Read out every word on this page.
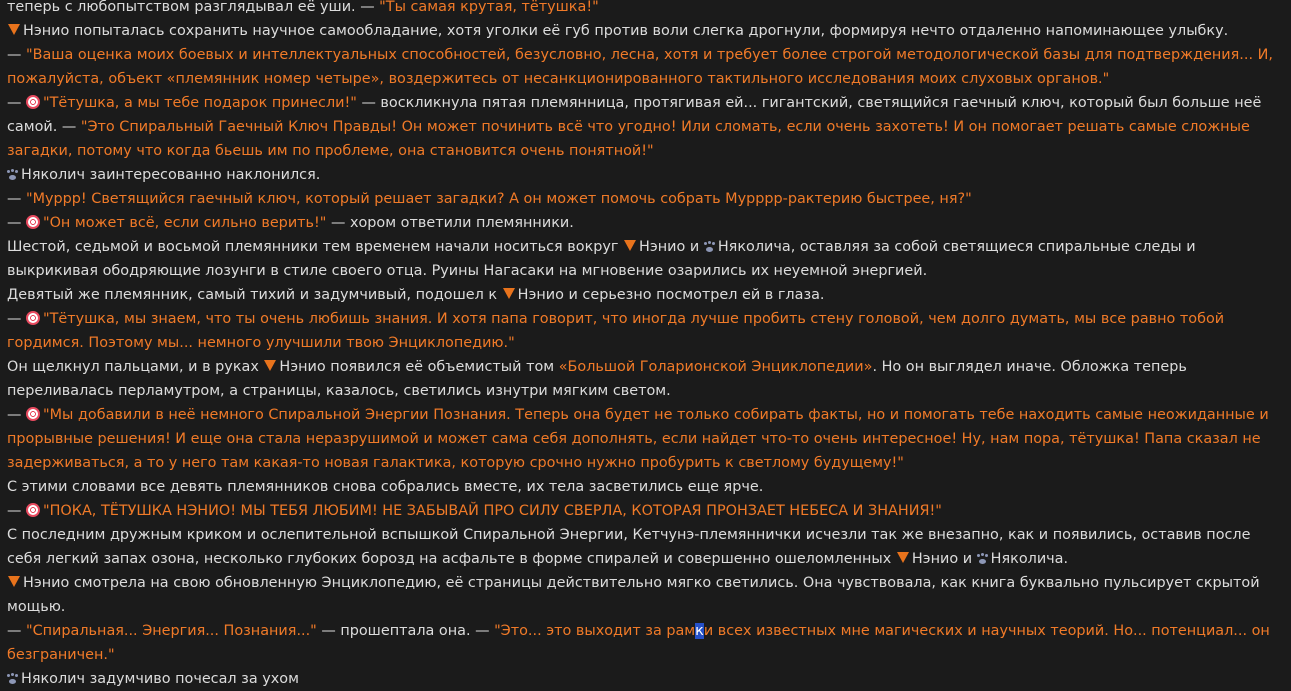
теперь с любопытством разглядывал её уши. — "Ты самая крутая, тётушка!"

Нэнио попыталась сохранить научное самообладание, хотя уголки её губ против воли слегка дрогнули, формируя нечто отдаленно напоминающее улыбку.

— "Ваша оценка моих боевых и интеллектуальных способностей, безусловно, лесна, хотя и требует более строгой методологической базы для подтверждения... И, пожалуйста, объект «племянник номер четыре», воздержитесь от несанкционированного тактильного исследования моих слуховых органов."

— "Тётушка, а мы тебе подарок принесли!" — воскликнула пятая племянница, протягивая ей... гигантский, светящийся гаечный ключ, который был больше неё самой. — "Это Спиральный Гаечный Ключ Правды! Он может починить всё что угодно! Или сломать, если очень захотеть! И он помогает решать самые сложные загадки, потому что когда бьешь им по проблеме, она становится очень понятной!"

Няколич заинтересованно наклонился.

— "Муррр! Светящийся гаечный ключ, который решает загадки? А он может помочь собрать Мурррр-рактерию быстрее, ня?"

— "Он может всё, если сильно верить!" — хором ответили племянники.

Шестой, седьмой и восьмой племянники тем временем начали носиться вокруг Нэнио и Няколича, оставляя за собой светящиеся спиральные следы и выкрикивая ободряющие лозунги в стиле своего отца. Руины Нагасаки на мгновение озарились их неуемной энергией.

Девятый же племянник, самый тихий и задумчивый, подошел к Нэнио и серьезно посмотрел ей в глаза.

— "Тётушка, мы знаем, что ты очень любишь знания. И хотя папа говорит, что иногда лучше пробить стену головой, чем долго думать, мы все равно тобой гордимся. Поэтому мы... немного улучшили твою Энциклопедию."

Он щелкнул пальцами, и в руках Нэнио появился её объемистый том «Большой Голарионской Энциклопедии». Но он выглядел иначе. Обложка теперь переливалась перламутром, а страницы, казалось, светились изнутри мягким светом.

— "Мы добавили в неё немного Спиральной Энергии Познания. Теперь она будет не только собирать факты, но и помогать тебе находить самые неожиданные и прорывные решения! И еще она стала неразрушимой и может сама себя дополнять, если найдет что-то очень интересное! Ну, нам пора, тётушка! Папа сказал не задерживаться, а то у него там какая-то новая галактика, которую срочно нужно пробурить к светлому будущему!"

С этими словами все девять племянников снова собрались вместе, их тела засветились еще ярче.

— "ПОКА, ТЁТУШКА НЭНИО! МЫ ТЕБЯ ЛЮБИМ! НЕ ЗАБЫВАЙ ПРО СИЛУ СВЕРЛА, КОТОРАЯ ПРОНЗАЕТ НЕБЕСА И ЗНАНИЯ!"

С последним дружным криком и ослепительной вспышкой Спиральной Энергии, Кетчунэ-племяннички исчезли так же внезапно, как и появились, оставив после себя легкий запах озона, несколько глубоких борозд на асфальте в форме спиралей и совершенно ошеломленных Нэнио и Няколича.

Нэнио смотрела на свою обновленную Энциклопедию, её страницы действительно мягко светились. Она чувствовала, как книга буквально пульсирует скрытой мощью.

— "Спиральная... Энергия... Познания..." — прошептала она. — "Это... это выходит за рамки всех известных мне магических и научных теорий. Но... потенциал... он безграничен."

Няколич задумчиво почесал за ухом
